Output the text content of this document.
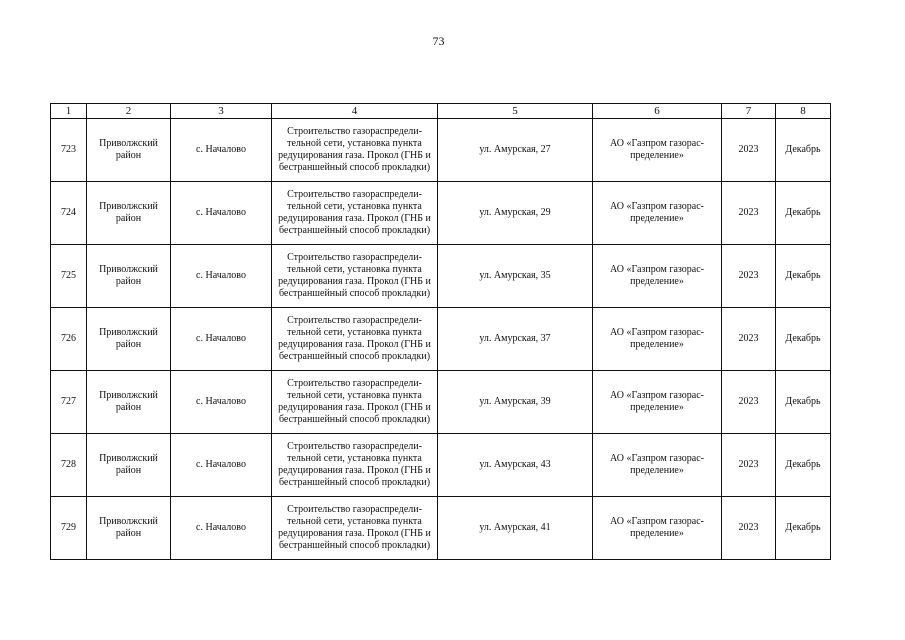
73
1	2	3	4	5	6	7	8
723	Приволжский район	с. Началово	Строительство газораспредели-тельной сети, установка пункта редуцирования газа. Прокол (ГНБ и бестраншейный способ прокладки)	ул. Амурская, 27	АО «Газпром газорас-пределение»	2023	Декабрь
724	Приволжский район	с. Началово	Строительство газораспредели-тельной сети, установка пункта редуцирования газа. Прокол (ГНБ и бестраншейный способ прокладки)	ул. Амурская, 29	АО «Газпром газорас-пределение»	2023	Декабрь
725	Приволжский район	с. Началово	Строительство газораспредели-тельной сети, установка пункта редуцирования газа. Прокол (ГНБ и бестраншейный способ прокладки)	ул. Амурская, 35	АО «Газпром газорас-пределение»	2023	Декабрь
726	Приволжский район	с. Началово	Строительство газораспредели-тельной сети, установка пункта редуцирования газа. Прокол (ГНБ и бестраншейный способ прокладки)	ул. Амурская, 37	АО «Газпром газорас-пределение»	2023	Декабрь
727	Приволжский район	с. Началово	Строительство газораспредели-тельной сети, установка пункта редуцирования газа. Прокол (ГНБ и бестраншейный способ прокладки)	ул. Амурская, 39	АО «Газпром газорас-пределение»	2023	Декабрь
728	Приволжский район	с. Началово	Строительство газораспредели-тельной сети, установка пункта редуцирования газа. Прокол (ГНБ и бестраншейный способ прокладки)	ул. Амурская, 43	АО «Газпром газорас-пределение»	2023	Декабрь
729	Приволжский район	с. Началово	Строительство газораспредели-тельной сети, установка пункта редуцирования газа. Прокол (ГНБ и бестраншейный способ прокладки)	ул. Амурская, 41	АО «Газпром газорас-пределение»	2023	Декабрь
